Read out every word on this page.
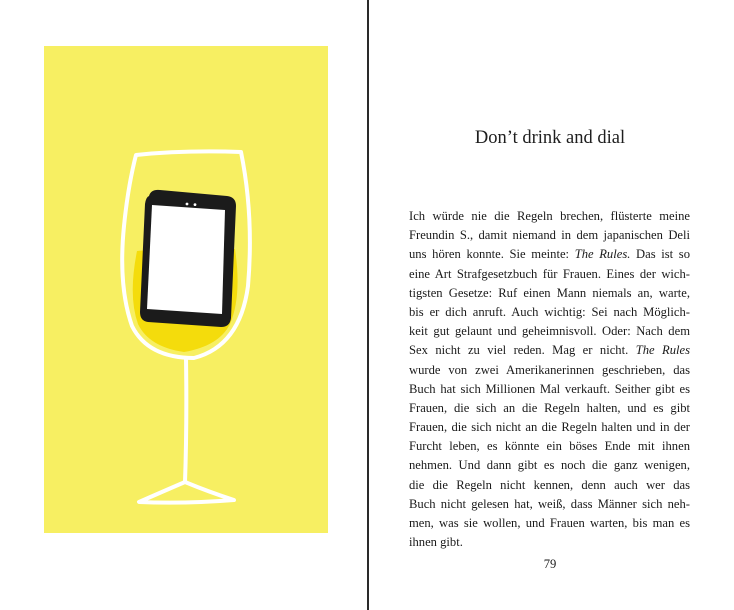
Don’t drink and dial
Ich würde nie die Regeln brechen, flüsterte meine
Freundin S., damit niemand in dem japanischen Deli
uns hören konnte. Sie meinte: The Rules. Das ist so
eine Art Strafgesetzbuch für Frauen. Eines der wich-
tigsten Gesetze: Ruf einen Mann niemals an, warte,
bis er dich anruft. Auch wichtig: Sei nach Möglich-
keit gut gelaunt und geheimnisvoll. Oder: Nach dem
Sex nicht zu viel reden. Mag er nicht. The Rules
wurde von zwei Amerikanerinnen geschrieben, das
Buch hat sich Millionen Mal verkauft. Seither gibt es
Frauen, die sich an die Regeln halten, und es gibt
Frauen, die sich nicht an die Regeln halten und in der
Furcht leben, es könnte ein böses Ende mit ihnen
nehmen. Und dann gibt es noch die ganz wenigen,
die die Regeln nicht kennen, denn auch wer das
Buch nicht gelesen hat, weiß, dass Männer sich neh-
men, was sie wollen, und Frauen warten, bis man es
ihnen gibt.
79
